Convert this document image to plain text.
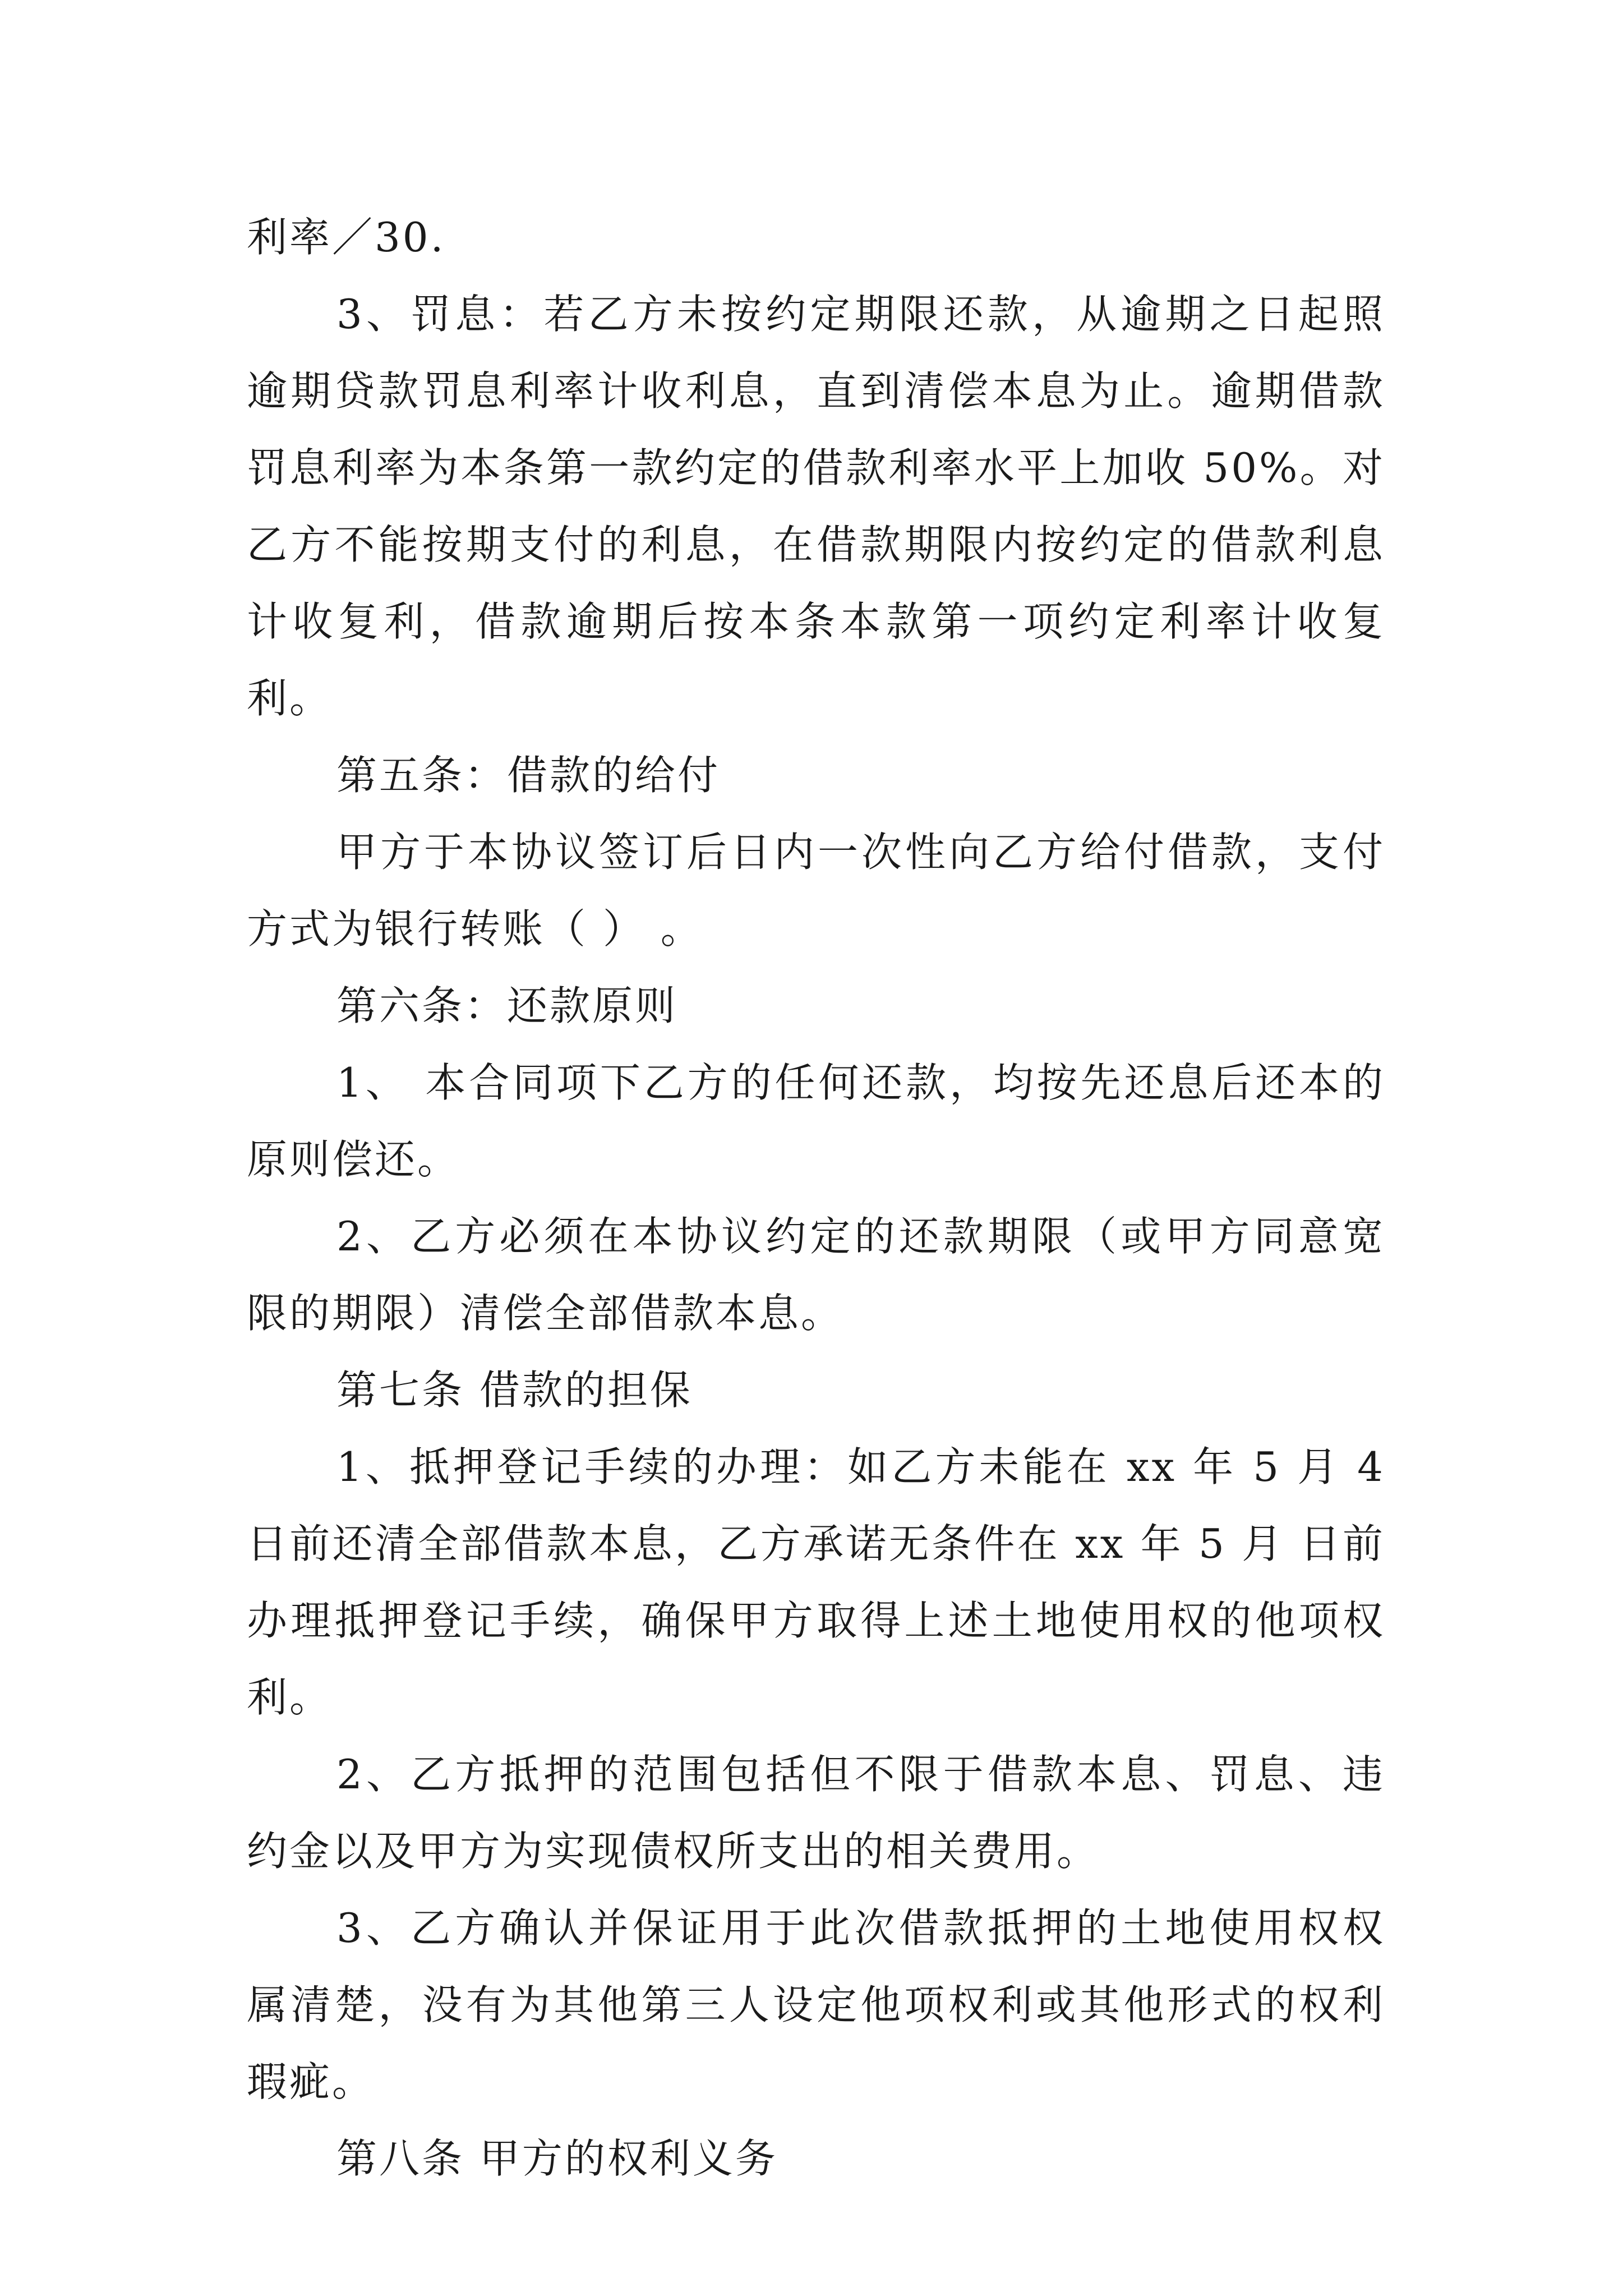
利率／30.

3、罚息：若乙方未按约定期限还款，从逾期之日起照逾期贷款罚息利率计收利息，直到清偿本息为止。逾期借款罚息利率为本条第一款约定的借款利率水平上加收 50%。对乙方不能按期支付的利息，在借款期限内按约定的借款利息计收复利，借款逾期后按本条本款第一项约定利率计收复利。

第五条：借款的给付

甲方于本协议签订后日内一次性向乙方给付借款，支付方式为银行转账（ ） 。

第六条：还款原则

1、 本合同项下乙方的任何还款，均按先还息后还本的原则偿还。

2、乙方必须在本协议约定的还款期限（或甲方同意宽限的期限）清偿全部借款本息。

第七条 借款的担保

1、抵押登记手续的办理：如乙方未能在 xx 年 5 月 4 日前还清全部借款本息，乙方承诺无条件在 xx 年 5 月 日前办理抵押登记手续，确保甲方取得上述土地使用权的他项权利。

2、乙方抵押的范围包括但不限于借款本息、罚息、违约金以及甲方为实现债权所支出的相关费用。

3、乙方确认并保证用于此次借款抵押的土地使用权权属清楚，没有为其他第三人设定他项权利或其他形式的权利瑕疵。

第八条 甲方的权利义务
